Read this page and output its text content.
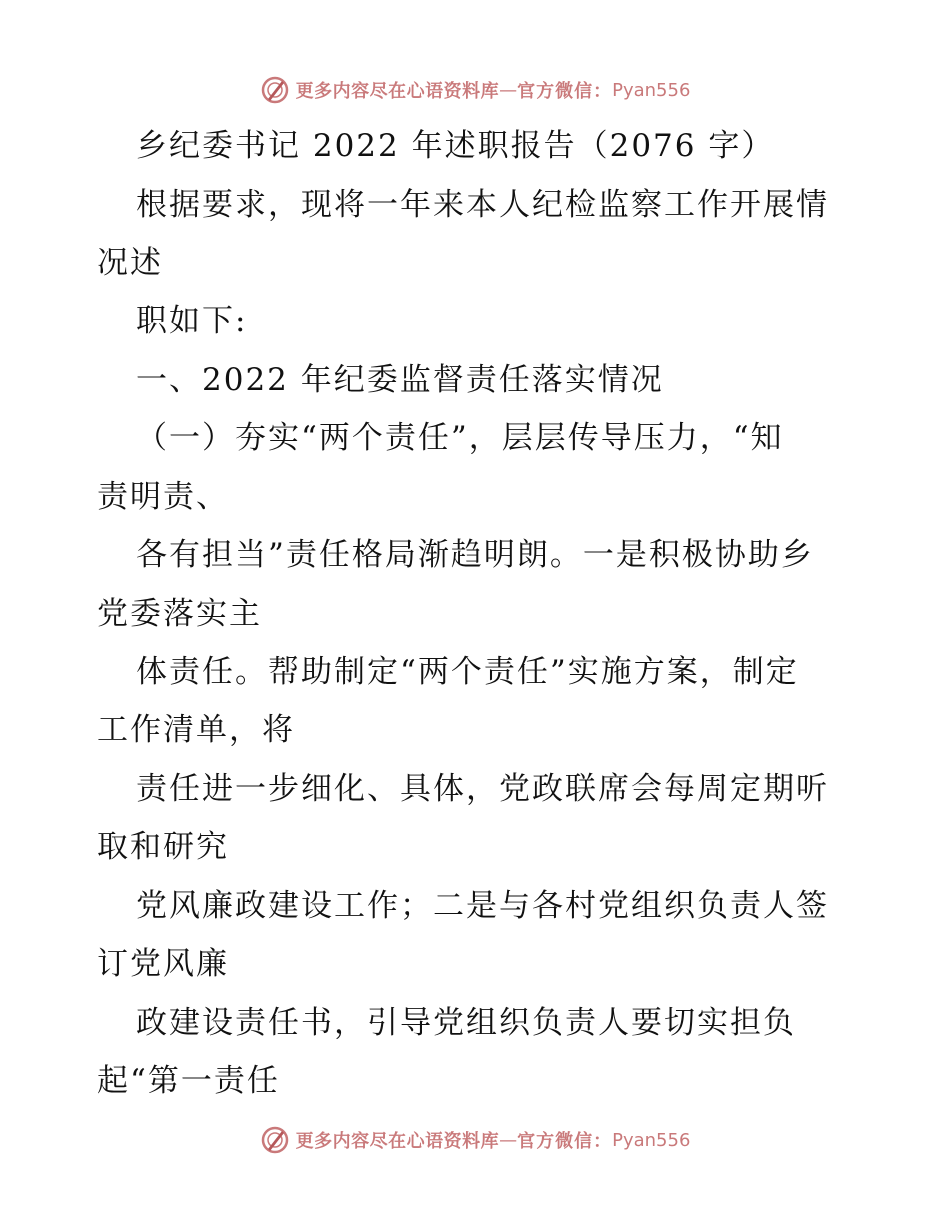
更多内容尽在心语资料库 — 官方微信： Pyan556
乡纪委书记 2022 年述职报告（2076 字）
根据要求，现将一年来本人纪检监察工作开展情
况述
职如下:
一、2022 年纪委监督责任落实情况
（一）夯实“两个责任”，层层传导压力，“知
责明责、
各有担当”责任格局渐趋明朗。一是积极协助乡
党委落实主
体责任。帮助制定“两个责任”实施方案，制定
工作清单，将
责任进一步细化、具体，党政联席会每周定期听
取和研究
党风廉政建设工作；二是与各村党组织负责人签
订党风廉
政建设责任书，引导党组织负责人要切实担负
起“第一责任
更多内容尽在心语资料库 — 官方微信： Pyan556
